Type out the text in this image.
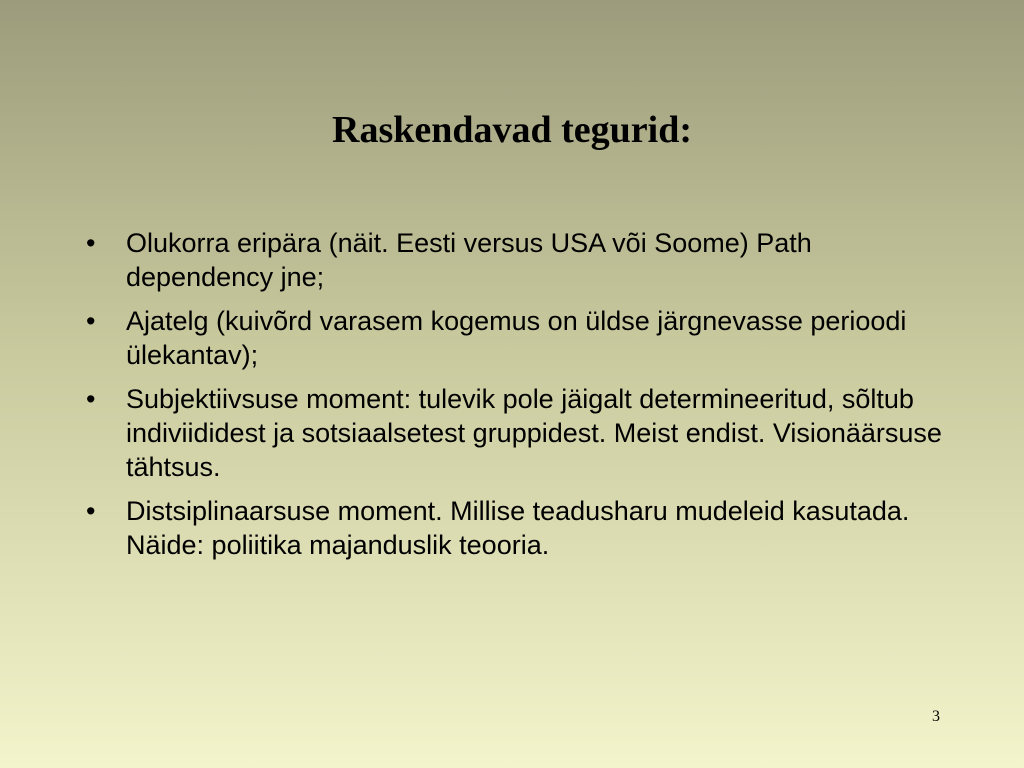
Raskendavad tegurid:
• Olukorra eripära (näit. Eesti versus USA või Soome) Path dependency jne;
• Ajatelg (kuivõrd varasem kogemus on üldse järgnevasse perioodi ülekantav);
• Subjektiivsuse moment: tulevik pole jäigalt determineeritud, sõltub indiviididest ja sotsiaalsetest gruppidest. Meist endist. Visionäärsuse tähtsus.
• Distsiplinaarsuse moment. Millise teadusharu mudeleid kasutada. Näide: poliitika majanduslik teooria.
3
